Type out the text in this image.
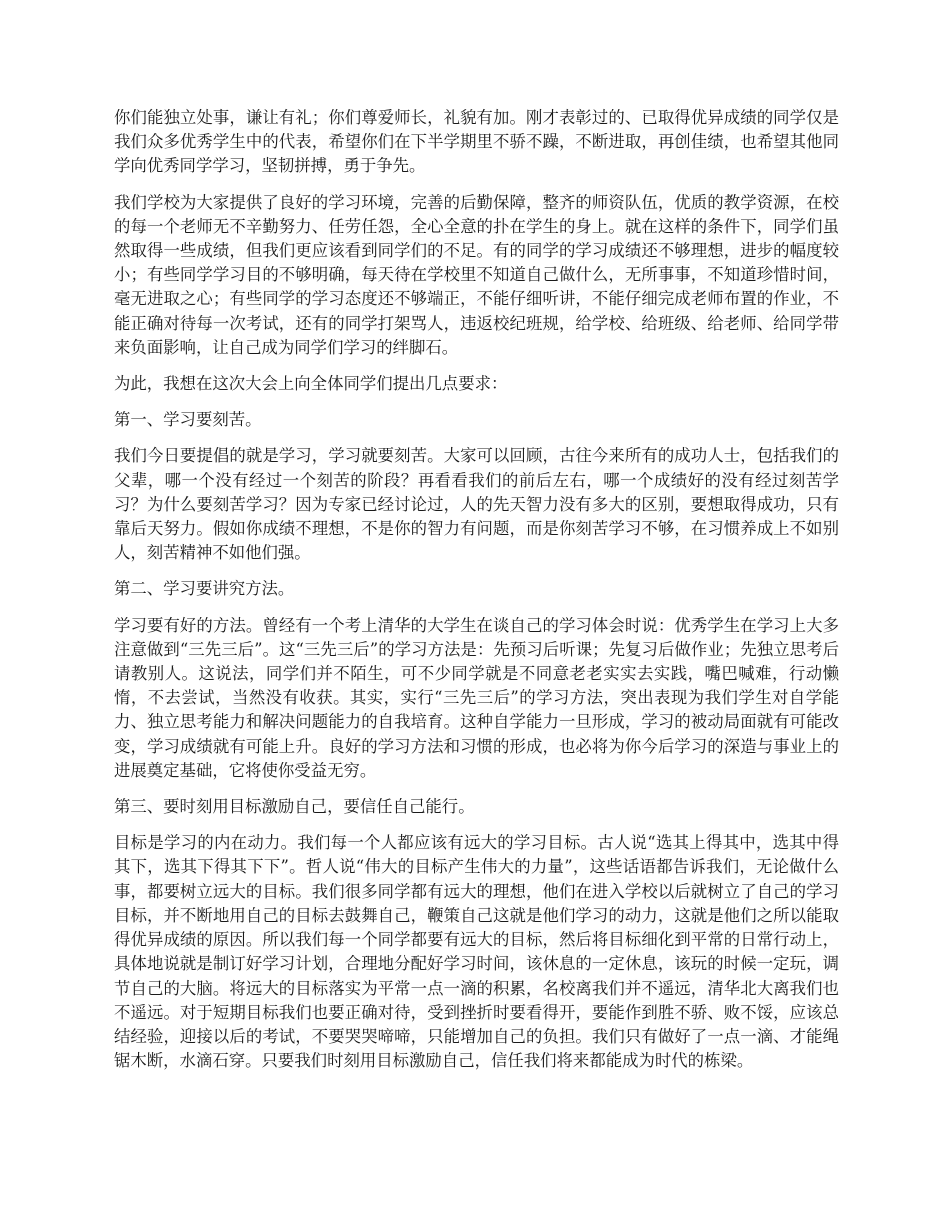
你们能独立处事，谦让有礼；你们尊爱师长，礼貌有加。刚才表彰过的、已取得优异成绩的同学仅是我们众多优秀学生中的代表，希望你们在下半学期里不骄不躁，不断进取，再创佳绩，也希望其他同学向优秀同学学习，坚韧拼搏，勇于争先。

我们学校为大家提供了良好的学习环境，完善的后勤保障，整齐的师资队伍，优质的教学资源，在校的每一个老师无不辛勤努力、任劳任怨，全心全意的扑在学生的身上。就在这样的条件下，同学们虽然取得一些成绩，但我们更应该看到同学们的不足。有的同学的学习成绩还不够理想，进步的幅度较小；有些同学学习目的不够明确，每天待在学校里不知道自己做什么，无所事事，不知道珍惜时间，毫无进取之心；有些同学的学习态度还不够端正，不能仔细听讲，不能仔细完成老师布置的作业，不能正确对待每一次考试，还有的同学打架骂人，违返校纪班规，给学校、给班级、给老师、给同学带来负面影响，让自己成为同学们学习的绊脚石。

为此，我想在这次大会上向全体同学们提出几点要求：

第一、学习要刻苦。

我们今日要提倡的就是学习，学习就要刻苦。大家可以回顾，古往今来所有的成功人士，包括我们的父辈，哪一个没有经过一个刻苦的阶段？再看看我们的前后左右，哪一个成绩好的没有经过刻苦学习？为什么要刻苦学习？因为专家已经讨论过，人的先天智力没有多大的区别，要想取得成功，只有靠后天努力。假如你成绩不理想，不是你的智力有问题，而是你刻苦学习不够，在习惯养成上不如别人，刻苦精神不如他们强。

第二、学习要讲究方法。

学习要有好的方法。曾经有一个考上清华的大学生在谈自己的学习体会时说：优秀学生在学习上大多注意做到“三先三后”。这“三先三后”的学习方法是：先预习后听课；先复习后做作业；先独立思考后请教别人。这说法，同学们并不陌生，可不少同学就是不同意老老实实去实践，嘴巴喊难，行动懒惰，不去尝试，当然没有收获。其实，实行“三先三后”的学习方法，突出表现为我们学生对自学能力、独立思考能力和解决问题能力的自我培育。这种自学能力一旦形成，学习的被动局面就有可能改变，学习成绩就有可能上升。良好的学习方法和习惯的形成，也必将为你今后学习的深造与事业上的进展奠定基础，它将使你受益无穷。

第三、要时刻用目标激励自己，要信任自己能行。

目标是学习的内在动力。我们每一个人都应该有远大的学习目标。古人说“选其上得其中，选其中得其下，选其下得其下下”。哲人说“伟大的目标产生伟大的力量”，这些话语都告诉我们，无论做什么事，都要树立远大的目标。我们很多同学都有远大的理想，他们在进入学校以后就树立了自己的学习目标，并不断地用自己的目标去鼓舞自己，鞭策自己这就是他们学习的动力，这就是他们之所以能取得优异成绩的原因。所以我们每一个同学都要有远大的目标，然后将目标细化到平常的日常行动上，具体地说就是制订好学习计划，合理地分配好学习时间，该休息的一定休息，该玩的时候一定玩，调节自己的大脑。将远大的目标落实为平常一点一滴的积累，名校离我们并不遥远，清华北大离我们也不遥远。对于短期目标我们也要正确对待，受到挫折时要看得开，要能作到胜不骄、败不馁，应该总结经验，迎接以后的考试，不要哭哭啼啼，只能增加自己的负担。我们只有做好了一点一滴、才能绳锯木断，水滴石穿。只要我们时刻用目标激励自己，信任我们将来都能成为时代的栋梁。
